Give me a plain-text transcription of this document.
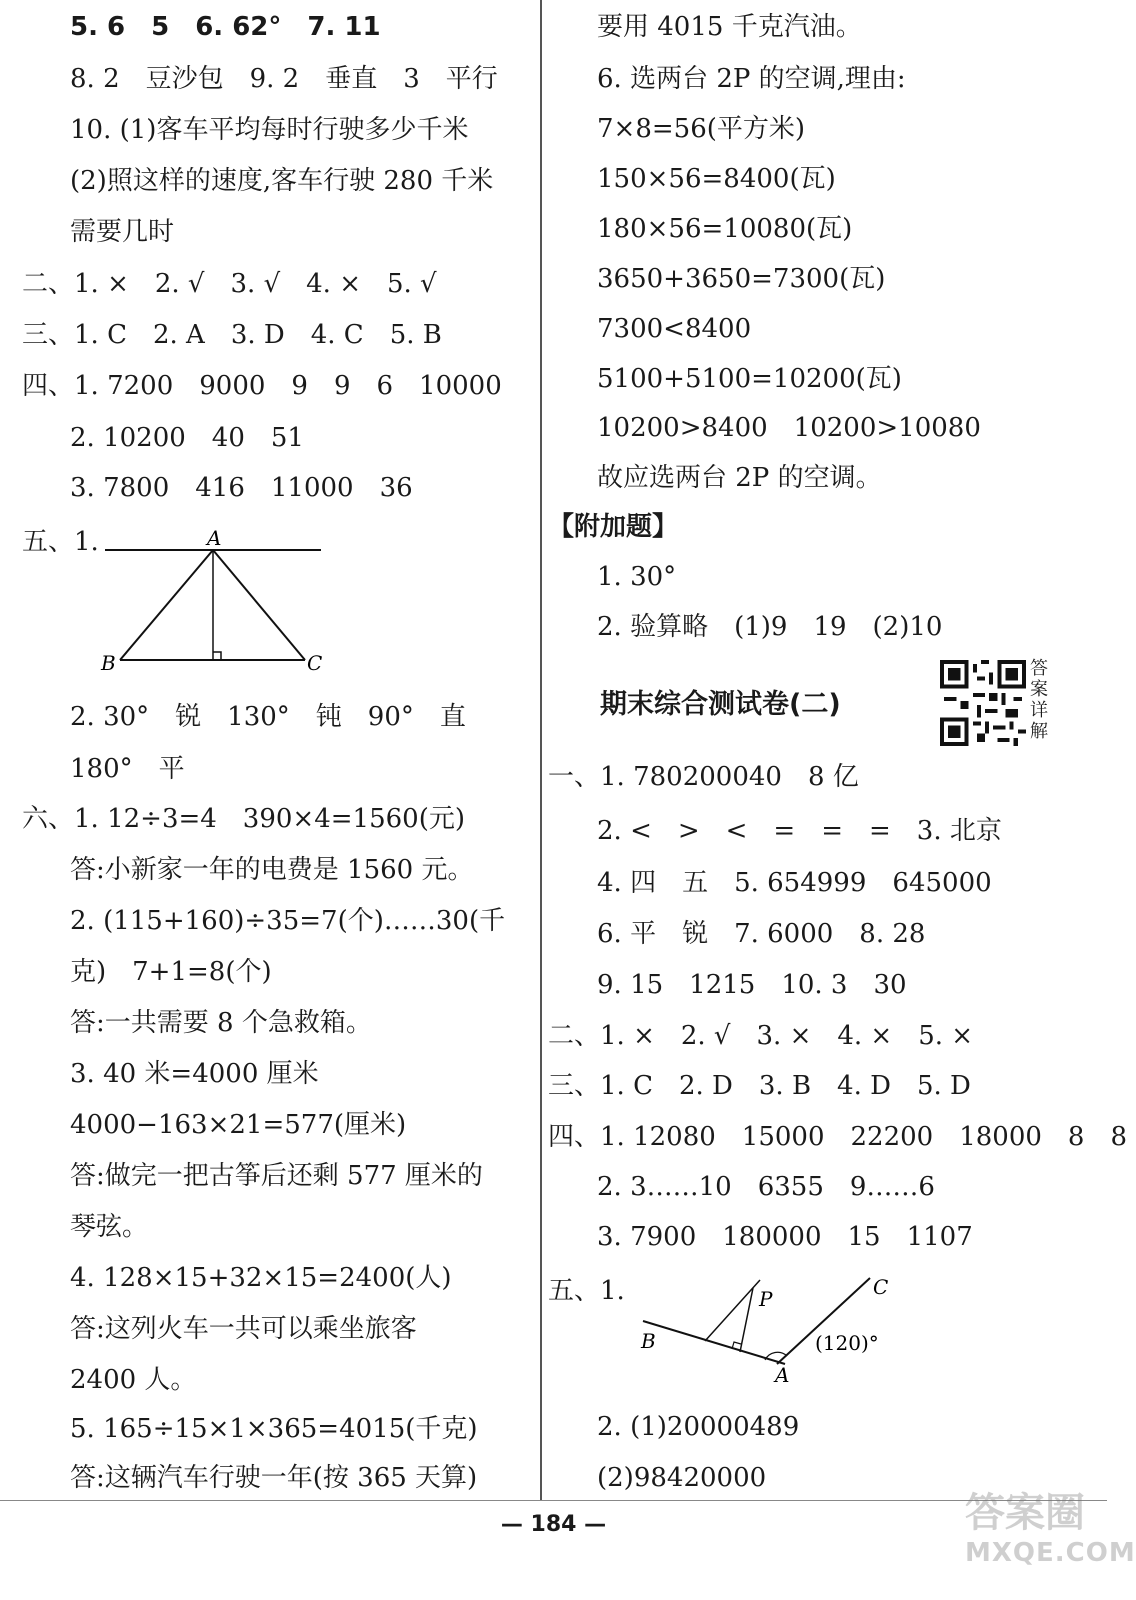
5. 6　5　6. 62°　7. 11
8. 2　豆沙包　9. 2　垂直　3　平行
10. (1)客车平均每时行驶多少千米
(2)照这样的速度,客车行驶 280 千米
需要几时
二、1. ×　2. √　3. √　4. ×　5. √
三、1. C　2. A　3. D　4. C　5. B
四、1. 7200　9000　9　9　6　10000
2. 10200　40　51
3. 7800　416　11000　36
五、1.	A
B	C
2. 30°　锐　130°　钝　90°　直
180°　平
六、1. 12÷3=4　390×4=1560(元)
答:小新家一年的电费是 1560 元。
2. (115+160)÷35=7(个)……30(千
克)　7+1=8(个)
答:一共需要 8 个急救箱。
3. 40 米=4000 厘米
4000−163×21=577(厘米)
答:做完一把古筝后还剩 577 厘米的
琴弦。
4. 128×15+32×15=2400(人)
答:这列火车一共可以乘坐旅客
2400 人。
5. 165÷15×1×365=4015(千克)
答:这辆汽车行驶一年(按 365 天算)
要用 4015 千克汽油。
6. 选两台 2P 的空调,理由:
7×8=56(平方米)
150×56=8400(瓦)
180×56=10080(瓦)
3650+3650=7300(瓦)
7300<8400
5100+5100=10200(瓦)
10200>8400　10200>10080
故应选两台 2P 的空调。
【附加题】
1. 30°
2. 验算略　(1)9　19　(2)10
期末综合测试卷(二)
答案详解
一、1. 780200040　8 亿
2. <　>　<　=　=　=　3. 北京
4. 四　五　5. 654999　645000
6. 平　锐　7. 6000　8. 28
9. 15　1215　10. 3　30
二、1. ×　2. √　3. ×　4. ×　5. ×
三、1. C　2. D　3. B　4. D　5. D
四、1. 12080　15000　22200　18000　8　8
2. 3……10　6355　9……6
3. 7900　180000　15　1107
五、1.	P	C
B
A
(120)°
2. (1)20000489
(2)98420000
— 184 —	答案圈
MXQE.COM
